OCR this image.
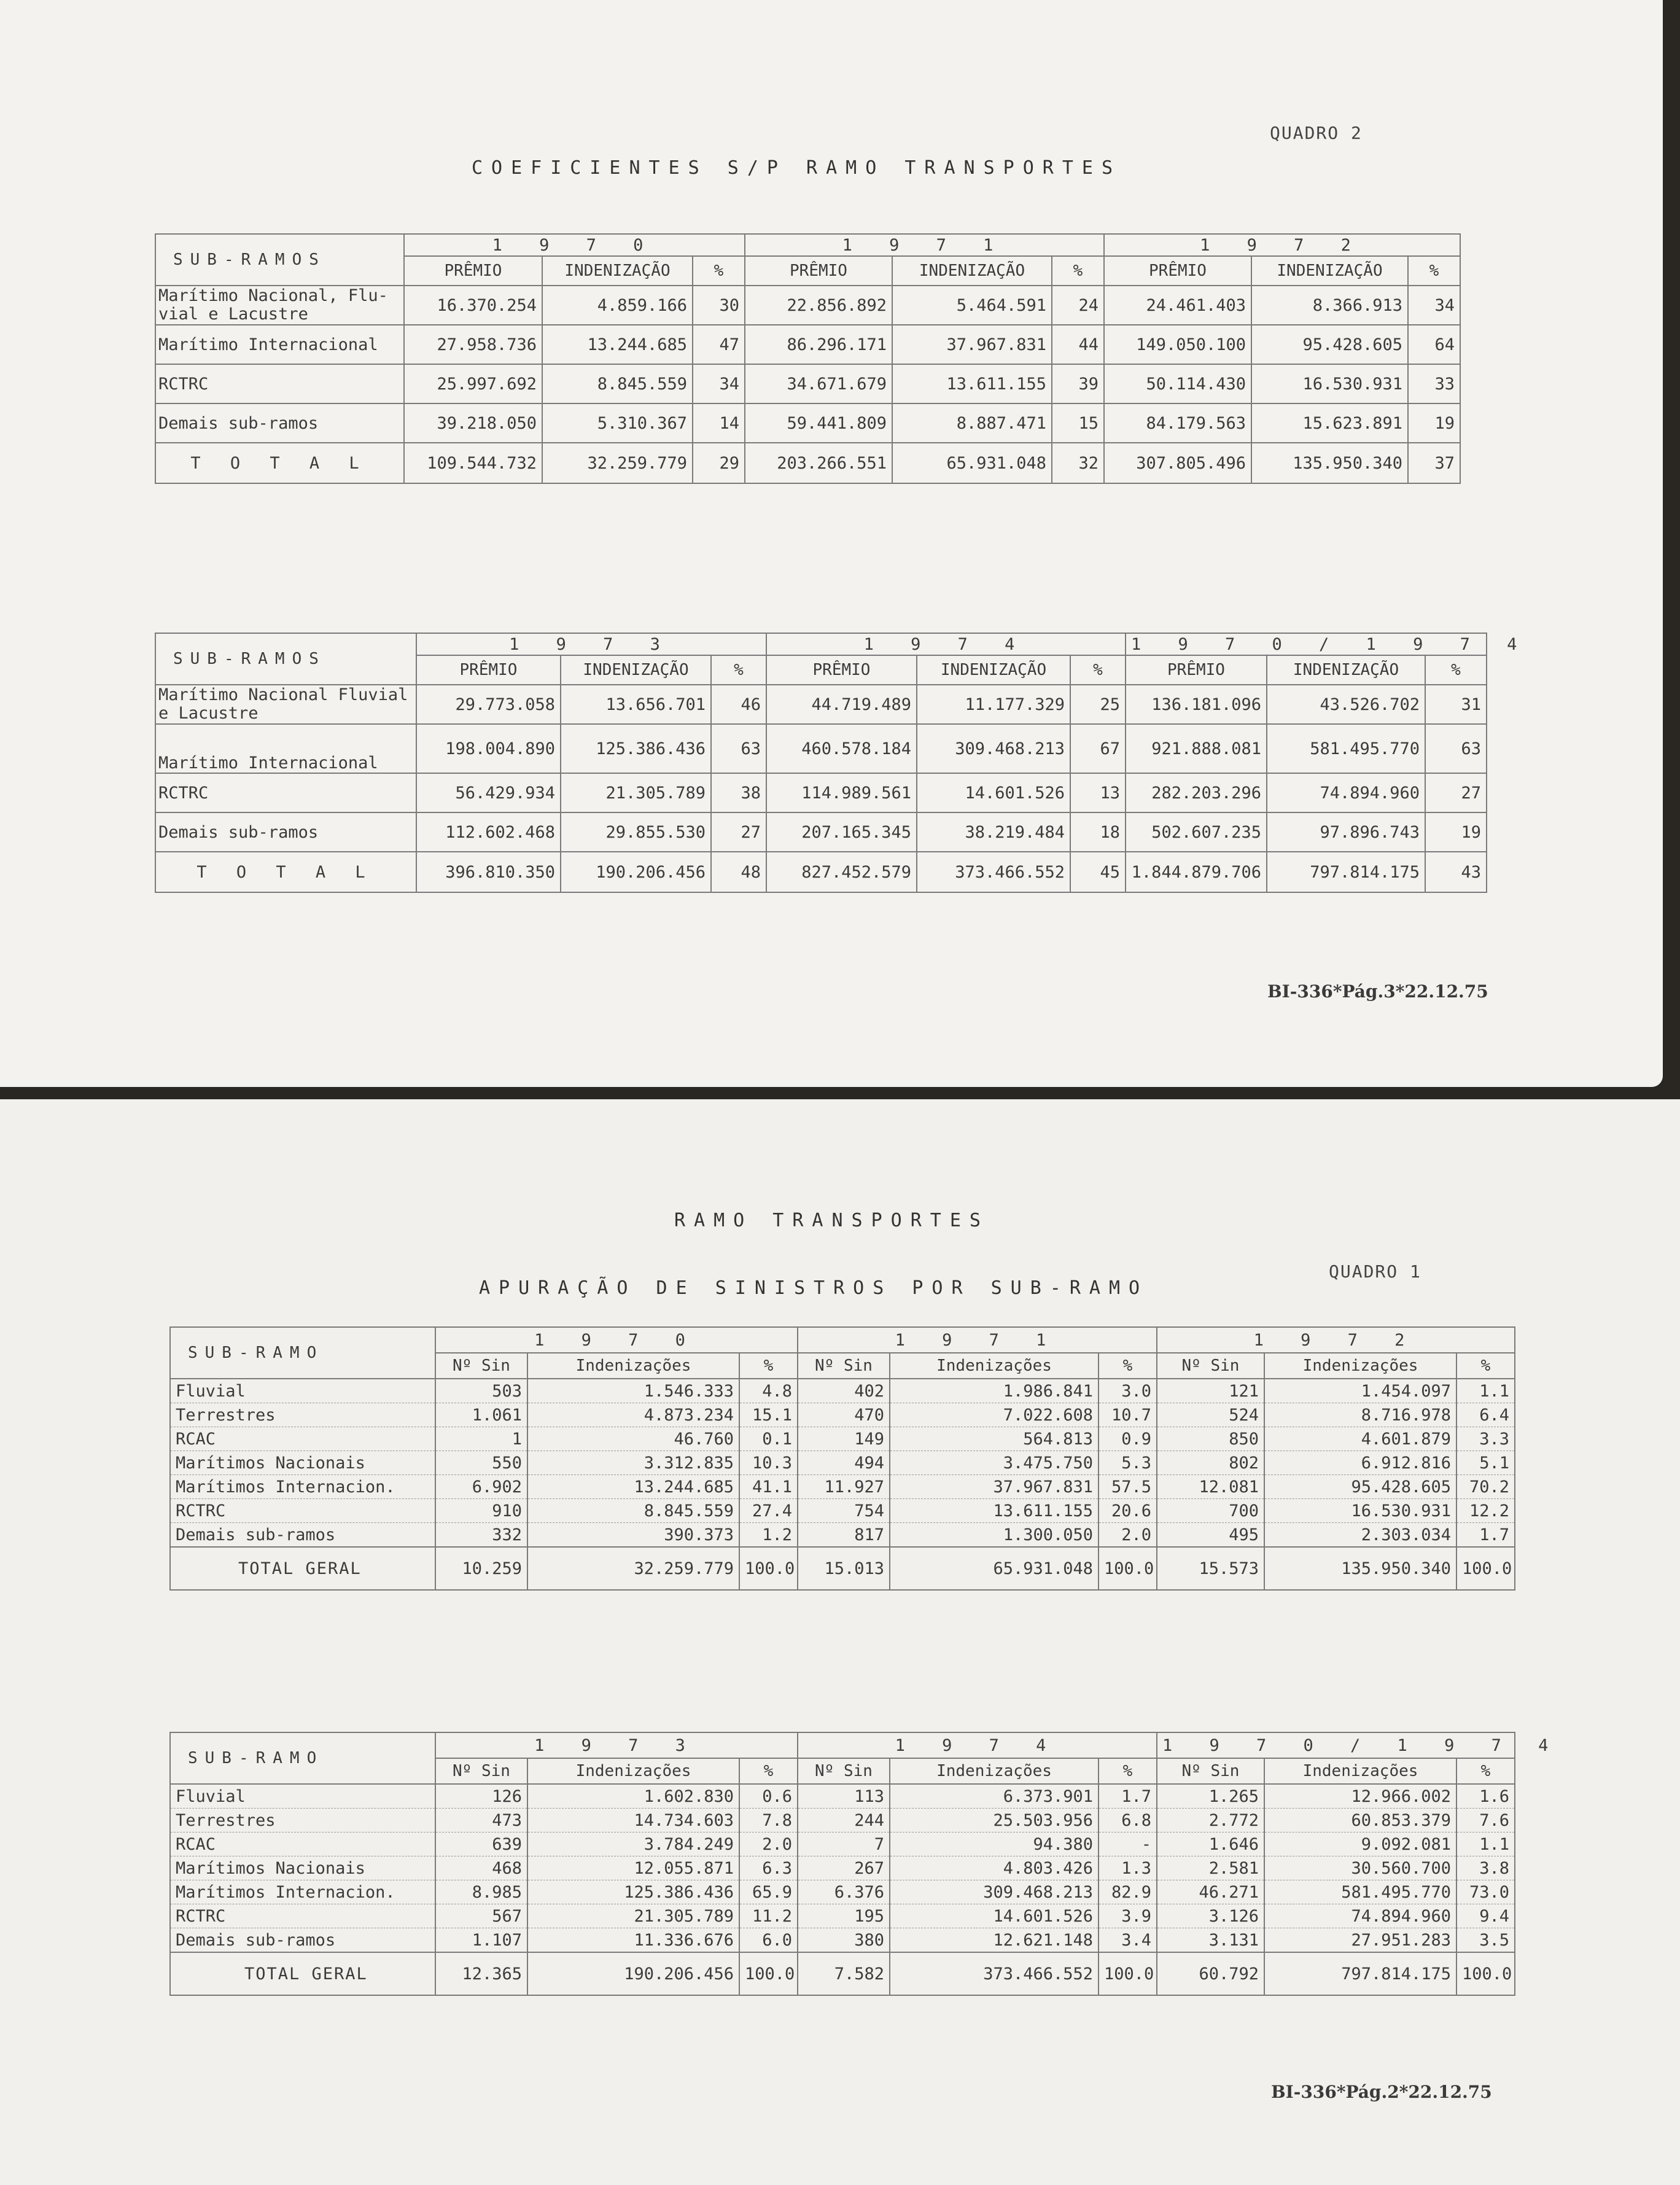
QUADRO 2
COEFICIENTES S/P RAMO TRANSPORTES
SUB-RAMOS	1 9 7 0			1 9 7 1			1 9 7 2		
	PRÊMIO	INDENIZAÇÃO	%	PRÊMIO	INDENIZAÇÃO	%	PRÊMIO	INDENIZAÇÃO	%
Marítimo Nacional, Flu-vial e Lacustre	16.370.254	4.859.166	30	22.856.892	5.464.591	24	24.461.403	8.366.913	34
Marítimo Internacional	27.958.736	13.244.685	47	86.296.171	37.967.831	44	149.050.100	95.428.605	64
RCTRC	25.997.692	8.845.559	34	34.671.679	13.611.155	39	50.114.430	16.530.931	33
Demais sub-ramos	39.218.050	5.310.367	14	59.441.809	8.887.471	15	84.179.563	15.623.891	19
T O T A L	109.544.732	32.259.779	29	203.266.551	65.931.048	32	307.805.496	135.950.340	37
SUB-RAMOS	1 9 7 3			1 9 7 4			1 9 7 0 / 1 9 7 4		
	PRÊMIO	INDENIZAÇÃO	%	PRÊMIO	INDENIZAÇÃO	%	PRÊMIO	INDENIZAÇÃO	%
Marítimo Nacional Fluvial e Lacustre	29.773.058	13.656.701	46	44.719.489	11.177.329	25	136.181.096	43.526.702	31
Marítimo Internacional	198.004.890	125.386.436	63	460.578.184	309.468.213	67	921.888.081	581.495.770	63
RCTRC	56.429.934	21.305.789	38	114.989.561	14.601.526	13	282.203.296	74.894.960	27
Demais sub-ramos	112.602.468	29.855.530	27	207.165.345	38.219.484	18	502.607.235	97.896.743	19
T O T A L	396.810.350	190.206.456	48	827.452.579	373.466.552	45	1.844.879.706	797.814.175	43
BI-336*Pág.3*22.12.75
RAMO TRANSPORTES
QUADRO 1
APURAÇÃO DE SINISTROS POR SUB-RAMO
SUB-RAMO	1 9 7 0			1 9 7 1			1 9 7 2		
	Nº Sin	Indenizações	%	Nº Sin	Indenizações	%	Nº Sin	Indenizações	%
Fluvial	503	1.546.333	4.8	402	1.986.841	3.0	121	1.454.097	1.1
Terrestres	1.061	4.873.234	15.1	470	7.022.608	10.7	524	8.716.978	6.4
RCAC	1	46.760	0.1	149	564.813	0.9	850	4.601.879	3.3
Marítimos Nacionais	550	3.312.835	10.3	494	3.475.750	5.3	802	6.912.816	5.1
Marítimos Internacion.	6.902	13.244.685	41.1	11.927	37.967.831	57.5	12.081	95.428.605	70.2
RCTRC	910	8.845.559	27.4	754	13.611.155	20.6	700	16.530.931	12.2
Demais sub-ramos	332	390.373	1.2	817	1.300.050	2.0	495	2.303.034	1.7
TOTAL GERAL	10.259	32.259.779	100.0	15.013	65.931.048	100.0	15.573	135.950.340	100.0
SUB-RAMO	1 9 7 3			1 9 7 4			1 9 7 0 / 1 9 7 4		
	Nº Sin	Indenizações	%	Nº Sin	Indenizações	%	Nº Sin	Indenizações	%
Fluvial	126	1.602.830	0.6	113	6.373.901	1.7	1.265	12.966.002	1.6
Terrestres	473	14.734.603	7.8	244	25.503.956	6.8	2.772	60.853.379	7.6
RCAC	639	3.784.249	2.0	7	94.380	-	1.646	9.092.081	1.1
Marítimos Nacionais	468	12.055.871	6.3	267	4.803.426	1.3	2.581	30.560.700	3.8
Marítimos Internacion.	8.985	125.386.436	65.9	6.376	309.468.213	82.9	46.271	581.495.770	73.0
RCTRC	567	21.305.789	11.2	195	14.601.526	3.9	3.126	74.894.960	9.4
Demais sub-ramos	1.107	11.336.676	6.0	380	12.621.148	3.4	3.131	27.951.283	3.5
TOTAL GERAL	12.365	190.206.456	100.0	7.582	373.466.552	100.0	60.792	797.814.175	100.0
BI-336*Pág.2*22.12.75
